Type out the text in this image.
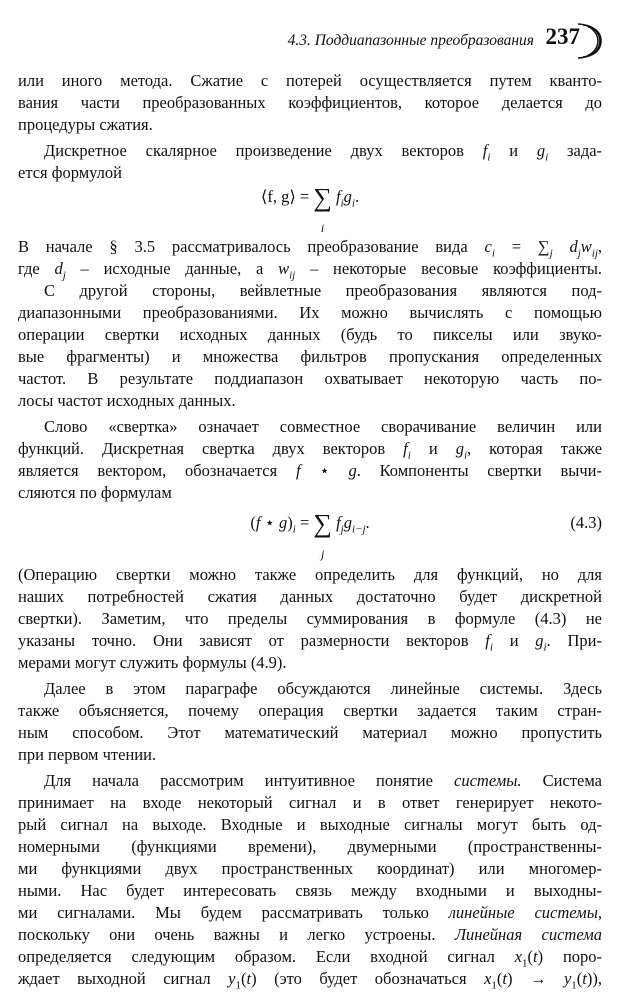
4.3. Поддиапазонные преобразования 237
или иного метода. Сжатие с потерей осуществляется путем кванто-
вания части преобразованных коэффициентов, которое делается до
процедуры сжатия.
Дискретное скалярное произведение двух векторов $f_i$ и $g_i$ зада-
ется формулой
⟨f, g⟩ = ∑
i
$f_ig_i$.
В начале § 3.5 рассматривалось преобразование вида $c_i = \sum_j$ $d_jw_{ij}$,
где $d_j$ – исходные данные, а $w_{ij}$ – некоторые весовые коэффициенты.
С другой стороны, вейвлетные преобразования являются под-
диапазонными преобразованиями. Их можно вычислять с помощью
операции свертки исходных данных (будь то пикселы или звуко-
вые фрагменты) и множества фильтров пропускания определенных
частот. В результате поддиапазон охватывает некоторую часть по-
лосы частот исходных данных.
Слово «свертка» означает совместное сворачивание величин или
функций. Дискретная свертка двух векторов $f_i$ и $g_i$, которая также
является вектором, обозначается f ⋆ g. Компоненты свертки вычи-
сляются по формулам
(f ⋆ $g)_i$ = ∑
j
$f_jg_{i-j}$.	(4.3)
(Операцию свертки можно также определить для функций, но для
наших потребностей сжатия данных достаточно будет дискретной
свертки). Заметим, что пределы суммирования в формуле (4.3) не
указаны точно. Они зависят от размерности векторов $f_i$ и $g_i$. При-
мерами могут служить формулы (4.9).
Далее в этом параграфе обсуждаются линейные системы. Здесь
также объясняется, почему операция свертки задается таким стран-
ным способом. Этот математический материал можно пропустить
при первом чтении.
Для начала рассмотрим интуитивное понятие системы. Система
принимает на входе некоторый сигнал и в ответ генерирует некото-
рый сигнал на выходе. Входные и выходные сигналы могут быть од-
номерными (функциями времени), двумерными (пространственны-
ми функциями двух пространственных координат) или многомер-
ными. Нас будет интересовать связь между входными и выходны-
ми сигналами. Мы будем рассматривать только линейные системы,
поскольку они очень важны и легко устроены. Линейная система
определяется следующим образом. Если входной сигнал $x_1(t)$ поро-
ждает выходной сигнал $y_1(t)$ (это будет обозначаться $x_1(t) \to y_1(t)$),
